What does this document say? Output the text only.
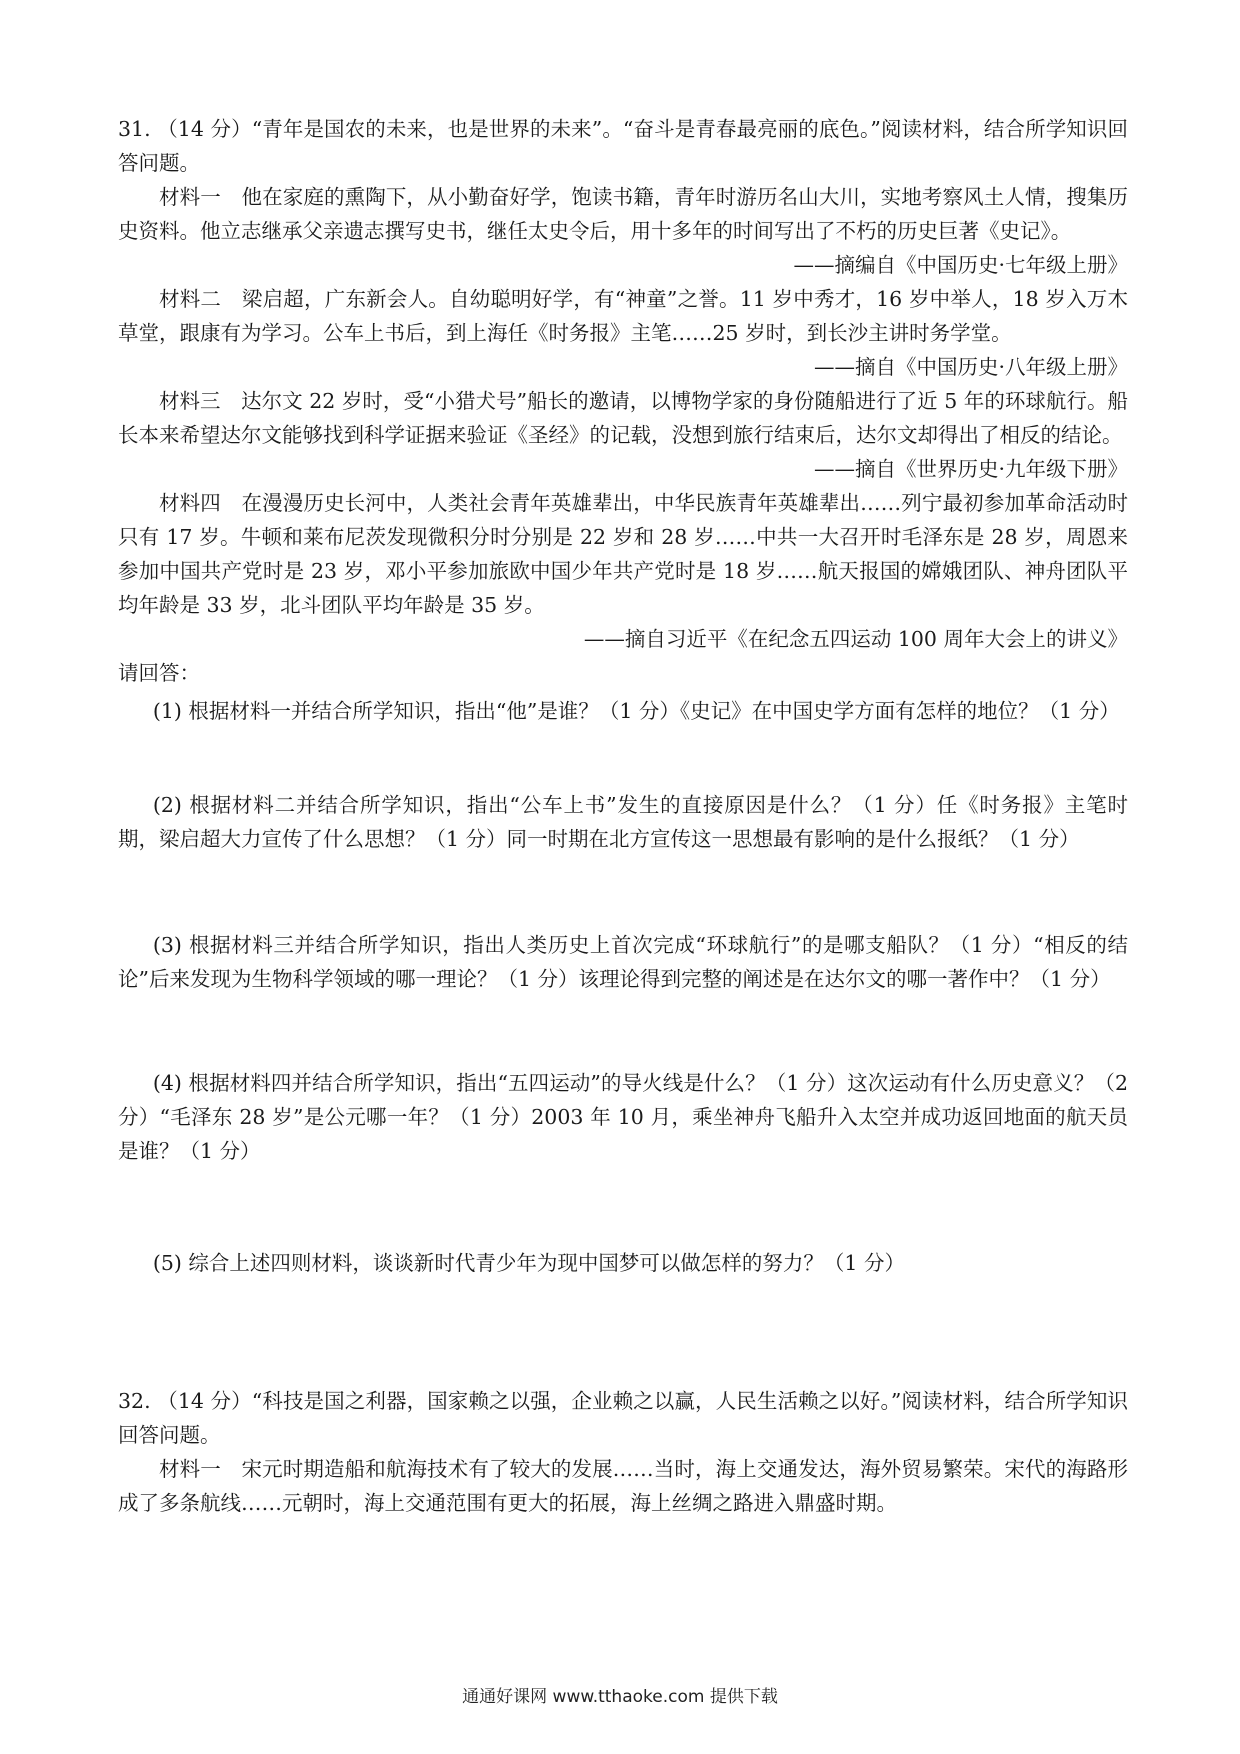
31. （14 分）“青年是国农的未来，也是世界的未来”。“奋斗是青春最亮丽的底色。”阅读材料，结合所学知识回答问题。

材料一　他在家庭的熏陶下，从小勤奋好学，饱读书籍，青年时游历名山大川，实地考察风土人情，搜集历史资料。他立志继承父亲遗志撰写史书，继任太史令后，用十多年的时间写出了不朽的历史巨著《史记》。

——摘编自《中国历史·七年级上册》

材料二　梁启超，广东新会人。自幼聪明好学，有“神童”之誉。11 岁中秀才，16 岁中举人，18 岁入万木草堂，跟康有为学习。公车上书后，到上海任《时务报》主笔……25 岁时，到长沙主讲时务学堂。

——摘自《中国历史·八年级上册》

材料三　达尔文 22 岁时，受“小猎犬号”船长的邀请，以博物学家的身份随船进行了近 5 年的环球航行。船长本来希望达尔文能够找到科学证据来验证《圣经》的记载，没想到旅行结束后，达尔文却得出了相反的结论。

——摘自《世界历史·九年级下册》

材料四　在漫漫历史长河中，人类社会青年英雄辈出，中华民族青年英雄辈出……列宁最初参加革命活动时只有 17 岁。牛顿和莱布尼茨发现微积分时分别是 22 岁和 28 岁……中共一大召开时毛泽东是 28 岁，周恩来参加中国共产党时是 23 岁，邓小平参加旅欧中国少年共产党时是 18 岁……航天报国的嫦娥团队、神舟团队平均年龄是 33 岁，北斗团队平均年龄是 35 岁。

——摘自习近平《在纪念五四运动 100 周年大会上的讲义》

请回答：

(1) 根据材料一并结合所学知识，指出“他”是谁？（1 分）《史记》在中国史学方面有怎样的地位？（1 分）

(2) 根据材料二并结合所学知识，指出“公车上书”发生的直接原因是什么？（1 分）任《时务报》主笔时期，梁启超大力宣传了什么思想？（1 分）同一时期在北方宣传这一思想最有影响的是什么报纸？（1 分）

(3) 根据材料三并结合所学知识，指出人类历史上首次完成“环球航行”的是哪支船队？（1 分）“相反的结论”后来发现为生物科学领域的哪一理论？（1 分）该理论得到完整的阐述是在达尔文的哪一著作中？（1 分）

(4) 根据材料四并结合所学知识，指出“五四运动”的导火线是什么？（1 分）这次运动有什么历史意义？（2 分）“毛泽东 28 岁”是公元哪一年？（1 分）2003 年 10 月，乘坐神舟飞船升入太空并成功返回地面的航天员是谁？（1 分）

(5) 综合上述四则材料，谈谈新时代青少年为现中国梦可以做怎样的努力？（1 分）

32. （14 分）“科技是国之利器，国家赖之以强，企业赖之以赢，人民生活赖之以好。”阅读材料，结合所学知识回答问题。

材料一　宋元时期造船和航海技术有了较大的发展……当时，海上交通发达，海外贸易繁荣。宋代的海路形成了多条航线……元朝时，海上交通范围有更大的拓展，海上丝绸之路进入鼎盛时期。

通通好课网 www.tthaoke.com 提供下载
